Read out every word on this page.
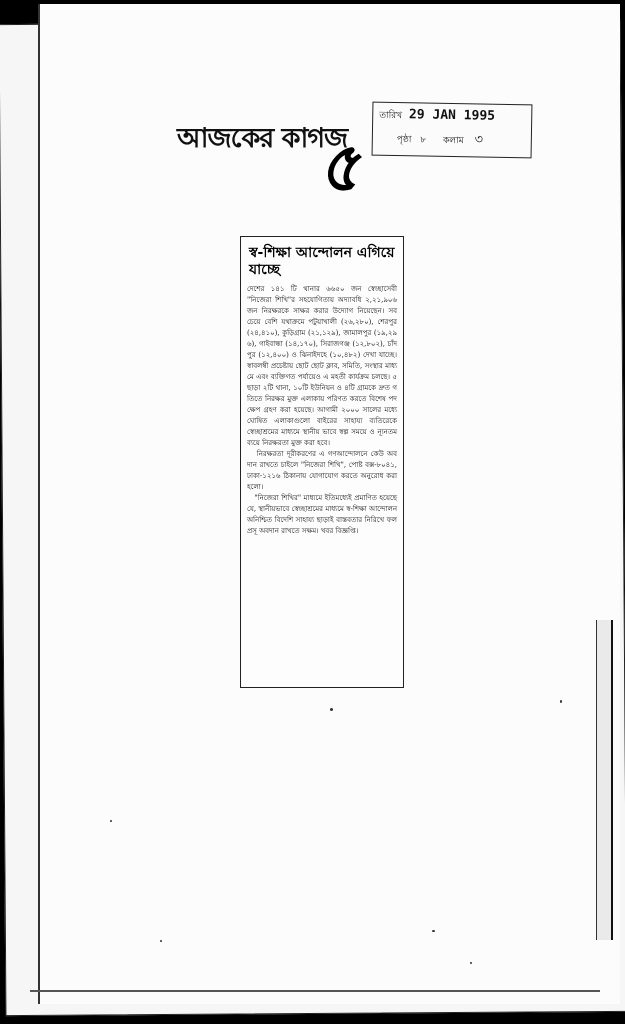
আজকের কাগজ
৫
তারিখ 29 JAN 1995
পৃষ্ঠা ৮ কলাম ৩
স্ব-শিক্ষা আন্দোলন এগিয়ে যাচ্ছে

দেশের ১৪১ টি থানার ৬৬৫০ জন স্বেচ্ছাসেবী "নিজেরা শিখি"র সহযোগিতায় অদ্যাবধি ২,২১,৯০৬ জন নিরক্ষরকে সাক্ষর করার উদ্যোগ নিয়েছেন। সবচেয়ে বেশি যথাক্রমে পটুয়াখালী (২৬,২৮০), শেরপুর (২৪,৪১০), কুড়িগ্রাম (২১,১২৯), জামালপুর (১৯,২৯৬), গাইবান্ধা (১৪,১৭০), সিরাজগঞ্জ (১২,৮০২), চাঁদপুর (১২,৪০০) ও ঝিনাইদহে (১০,৪৮২) দেখা যাচ্ছে। স্বাবলম্বী প্রচেষ্টায় ছোট ছোট ক্লাব, সমিতি, সংস্থার মাধ্যমে এবং ব্যক্তিগত পর্যায়েও এ মহতী কার্যক্রম চলছে। ৫ ছাড়া ২টি থানা, ১০টি ইউনিয়ন ও ৪টি গ্রামকে দ্রুত গতিতে নিরক্ষর মুক্ত এলাকায় পরিণত করতে বিশেষ পদক্ষেপ গ্রহণ করা হয়েছে। আগামী ২০০০ সালের মধ্যে ঘোষিত এলাকাগুলো বাইরের সাহায্য ব্যতিরেকে স্বেচ্ছাশ্রমের মাধ্যমে স্থানীয় ভাবে স্বল্প সময়ে ও ন্যূনতম ব্যয়ে নিরক্ষরতা মুক্ত করা হবে।
নিরক্ষরতা দূরীকরণের এ গণআন্দোলনে কেউ অবদান রাখতে চাইলে "নিজেরা শিখি", পোষ্ট বক্স-৮০৪১, ঢাকা-১২১৬ ঠিকানায় যোগাযোগ করতে অনুরোধ করা হলো।
"নিজেরা শিখির" মাধ্যমে ইতিমধ্যেই প্রমাণিত হয়েছে যে, স্থানীয়ভাবে স্বেচ্ছাশ্রমের মাধ্যমে স্ব-শিক্ষা আন্দোলন অনিশ্চিত বিদেশি সাহায্য ছাড়াই বাস্তবতার নিরিখে ফলপ্রসূ অবদান রাখতে সক্ষম। খবর বিজ্ঞপ্তি।
